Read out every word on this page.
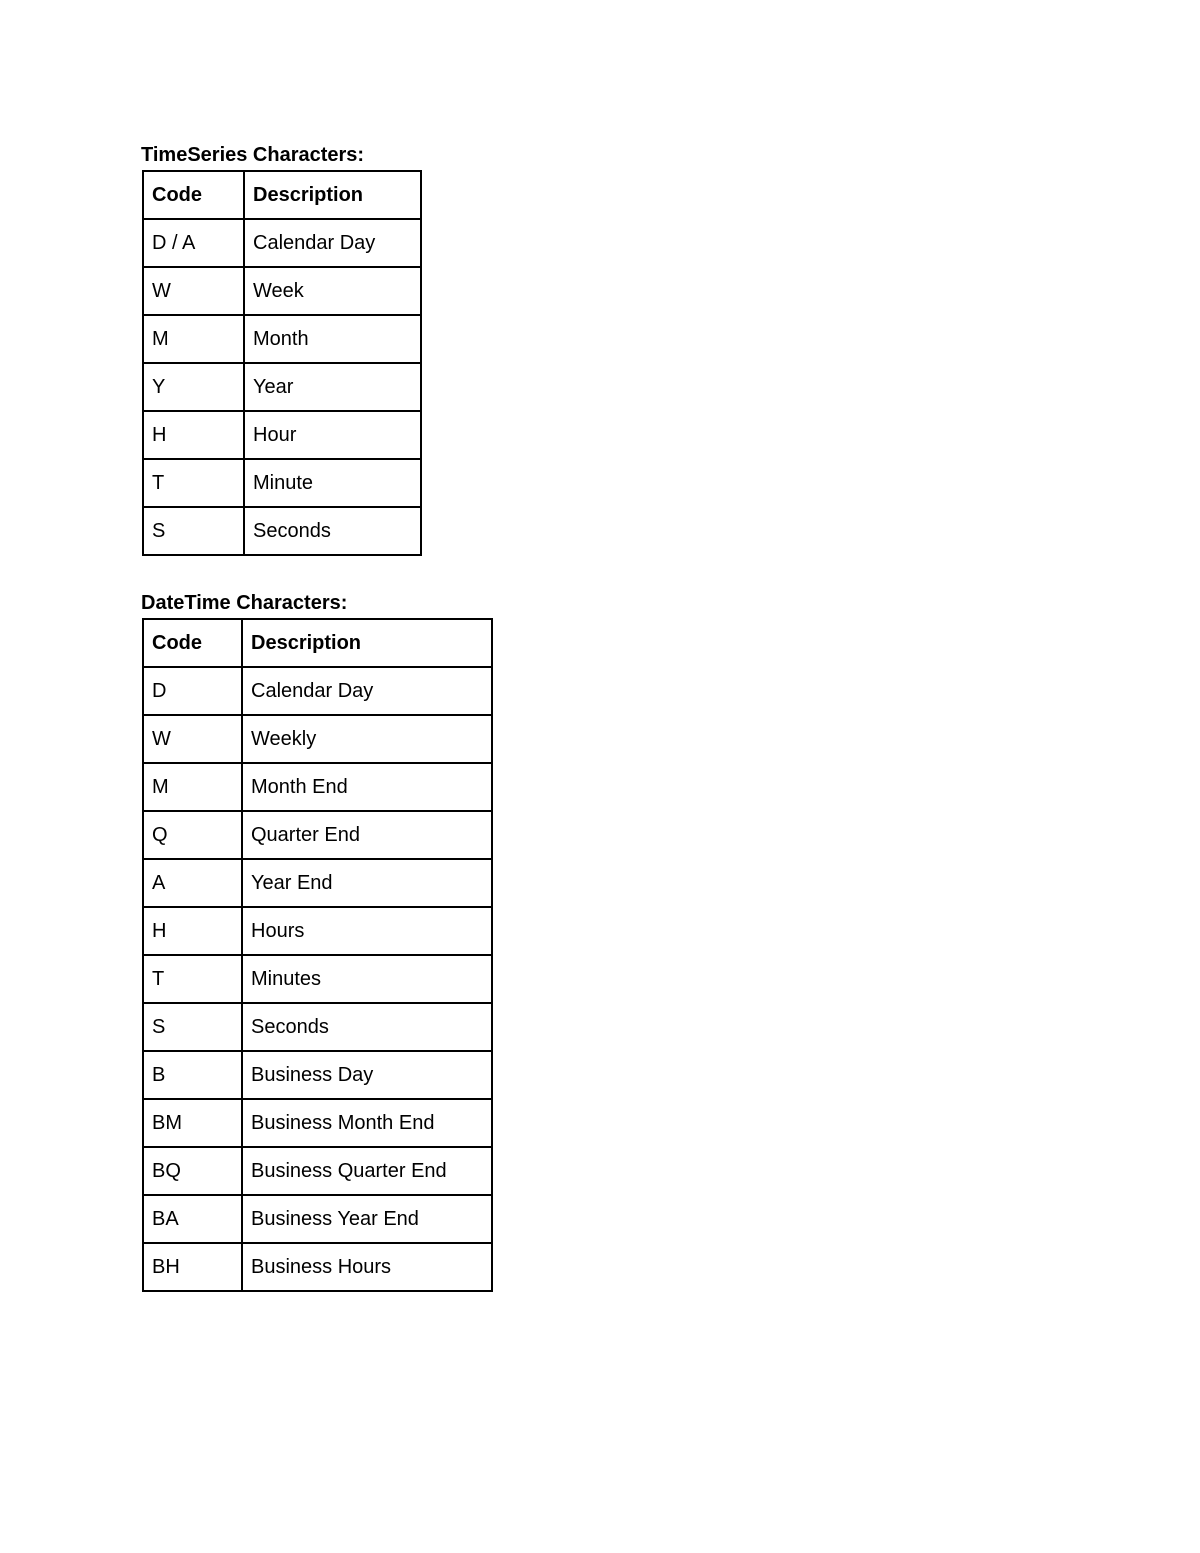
TimeSeries Characters:
Code	Description
D / A	Calendar Day
W	Week
M	Month
Y	Year
H	Hour
T	Minute
S	Seconds
DateTime Characters:
Code	Description
D	Calendar Day
W	Weekly
M	Month End
Q	Quarter End
A	Year End
H	Hours
T	Minutes
S	Seconds
B	Business Day
BM	Business Month End
BQ	Business Quarter End
BA	Business Year End
BH	Business Hours
